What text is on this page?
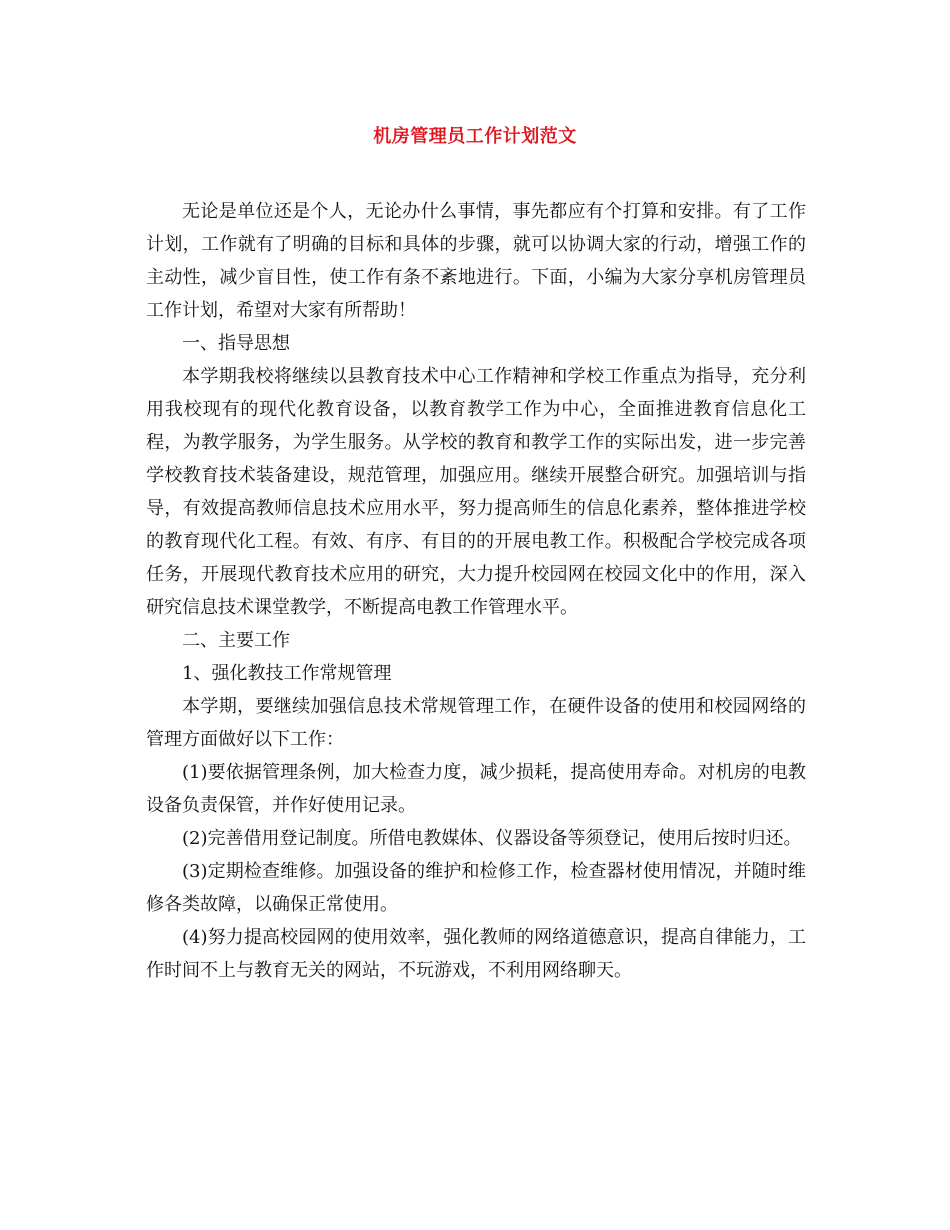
机房管理员工作计划范文

无论是单位还是个人，无论办什么事情，事先都应有个打算和安排。有了工作计划，工作就有了明确的目标和具体的步骤，就可以协调大家的行动，增强工作的主动性，减少盲目性，使工作有条不紊地进行。下面，小编为大家分享机房管理员工作计划，希望对大家有所帮助！

一、指导思想

本学期我校将继续以县教育技术中心工作精神和学校工作重点为指导，充分利用我校现有的现代化教育设备，以教育教学工作为中心，全面推进教育信息化工程，为教学服务，为学生服务。从学校的教育和教学工作的实际出发，进一步完善学校教育技术装备建设，规范管理，加强应用。继续开展整合研究。加强培训与指导，有效提高教师信息技术应用水平，努力提高师生的信息化素养，整体推进学校的教育现代化工程。有效、有序、有目的的开展电教工作。积极配合学校完成各项任务，开展现代教育技术应用的研究，大力提升校园网在校园文化中的作用，深入研究信息技术课堂教学，不断提高电教工作管理水平。

二、主要工作

1、强化教技工作常规管理

本学期，要继续加强信息技术常规管理工作，在硬件设备的使用和校园网络的管理方面做好以下工作：

(1)要依据管理条例，加大检查力度，减少损耗，提高使用寿命。对机房的电教设备负责保管，并作好使用记录。

(2)完善借用登记制度。所借电教媒体、仪器设备等须登记，使用后按时归还。

(3)定期检查维修。加强设备的维护和检修工作，检查器材使用情况，并随时维修各类故障，以确保正常使用。

(4)努力提高校园网的使用效率，强化教师的网络道德意识，提高自律能力，工作时间不上与教育无关的网站，不玩游戏，不利用网络聊天。
